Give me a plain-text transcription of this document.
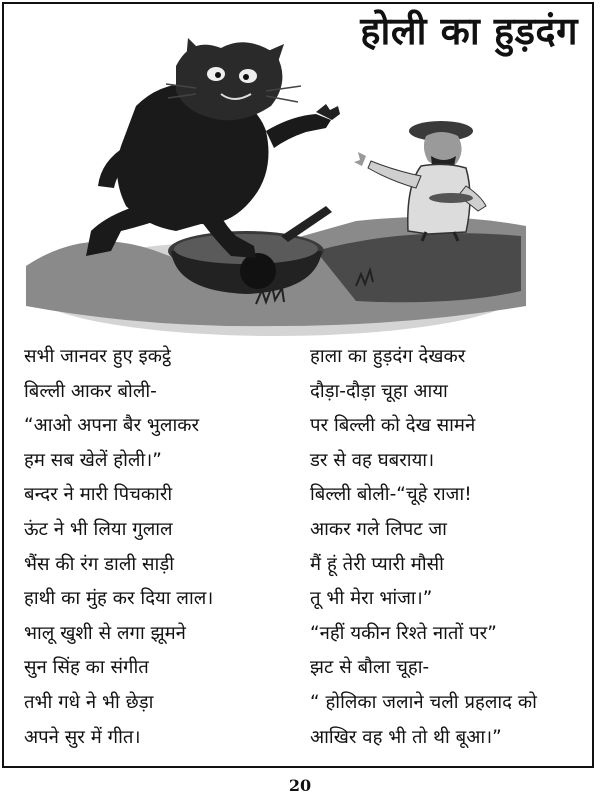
होली का हुड़दंग
सभी जानवर हुए इकट्ठे
बिल्ली आकर बोली-
“आओ अपना बैर भुलाकर
हम सब खेलें होली।”
बन्दर ने मारी पिचकारी
ऊंट ने भी लिया गुलाल
भैंस की रंग डाली साड़ी
हाथी का मुंह कर दिया लाल।
भालू खुशी से लगा झूमने
सुन सिंह का संगीत
तभी गधे ने भी छेड़ा
अपने सुर में गीत।
हाला का हुड़दंग देखकर
दौड़ा-दौड़ा चूहा आया
पर बिल्ली को देख सामने
डर से वह घबराया।
बिल्ली बोली-“चूहे राजा!
आकर गले लिपट जा
मैं हूं तेरी प्यारी मौसी
तू भी मेरा भांजा।”
“नहीं यकीन रिश्ते नातों पर”
झट से बौला चूहा-
“ होलिका जलाने चली प्रहलाद को
आखिर वह भी तो थी बूआ।”
20
